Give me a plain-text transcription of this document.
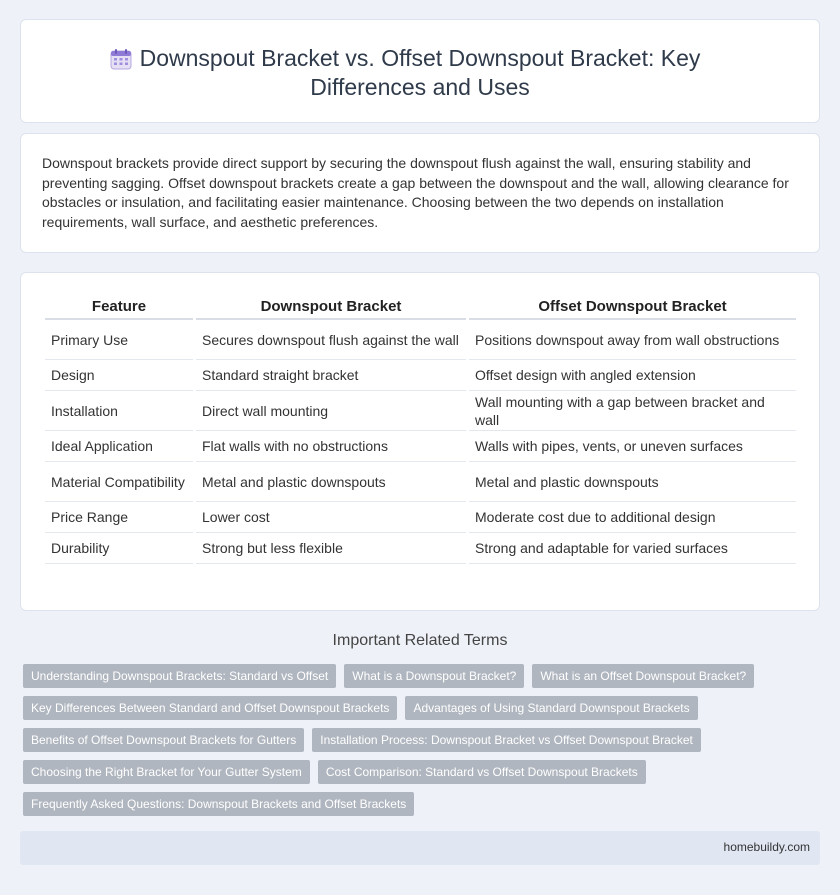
Downspout Bracket vs. Offset Downspout Bracket: Key Differences and Uses

Downspout brackets provide direct support by securing the downspout flush against the wall, ensuring stability and preventing sagging. Offset downspout brackets create a gap between the downspout and the wall, allowing clearance for obstacles or insulation, and facilitating easier maintenance. Choosing between the two depends on installation requirements, wall surface, and aesthetic preferences.

Feature	Downspout Bracket	Offset Downspout Bracket
Primary Use	Secures downspout flush against the wall	Positions downspout away from wall obstructions
Design	Standard straight bracket	Offset design with angled extension
Installation	Direct wall mounting	Wall mounting with a gap between bracket and wall
Ideal Application	Flat walls with no obstructions	Walls with pipes, vents, or uneven surfaces
Material Compatibility	Metal and plastic downspouts	Metal and plastic downspouts
Price Range	Lower cost	Moderate cost due to additional design
Durability	Strong but less flexible	Strong and adaptable for varied surfaces
Important Related Terms
Understanding Downspout Brackets: Standard vs Offset	What is a Downspout Bracket?	What is an Offset Downspout Bracket?
Key Differences Between Standard and Offset Downspout Brackets	Advantages of Using Standard Downspout Brackets
Benefits of Offset Downspout Brackets for Gutters	Installation Process: Downspout Bracket vs Offset Downspout Bracket
Choosing the Right Bracket for Your Gutter System	Cost Comparison: Standard vs Offset Downspout Brackets
Frequently Asked Questions: Downspout Brackets and Offset Brackets
homebuildy.com
